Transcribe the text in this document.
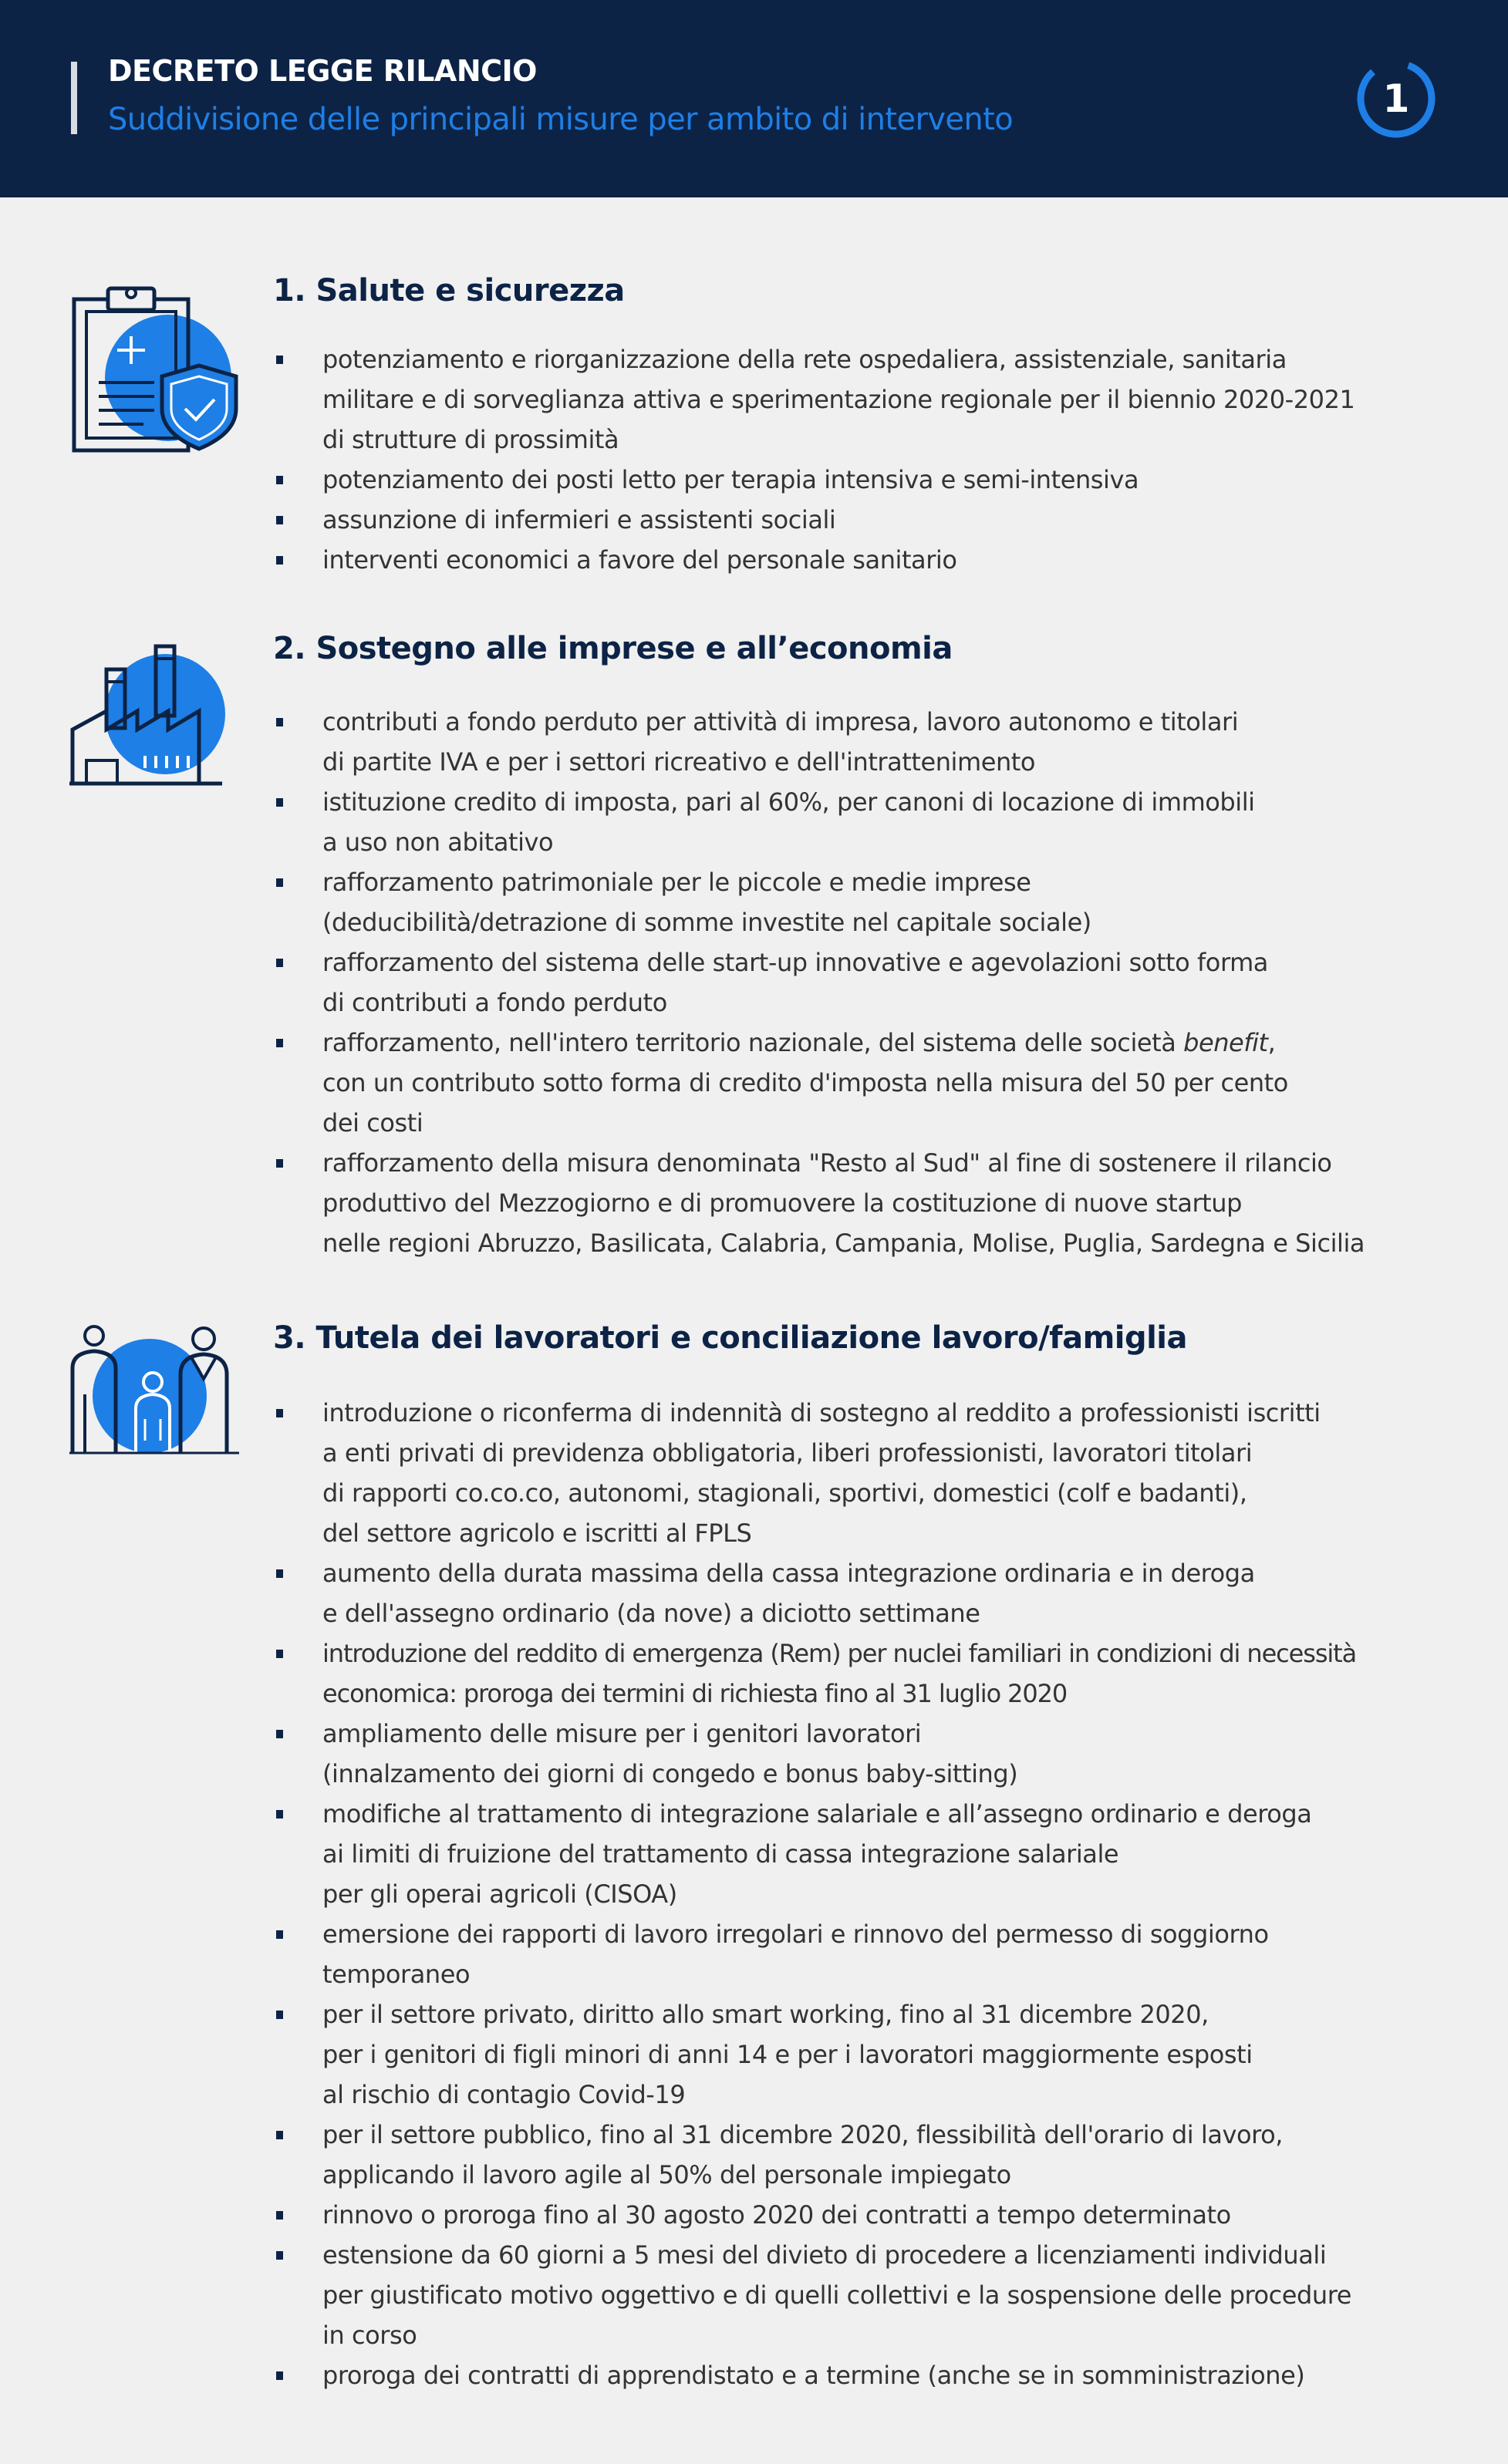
DECRETO LEGGE RILANCIO
Suddivisione delle principali misure per ambito di intervento	1
1. Salute e sicurezza
potenziamento e riorganizzazione della rete ospedaliera, assistenziale, sanitaria
militare e di sorveglianza attiva e sperimentazione regionale per il biennio 2020-2021
di strutture di prossimità
potenziamento dei posti letto per terapia intensiva e semi-intensiva
assunzione di infermieri e assistenti sociali
interventi economici a favore del personale sanitario
2. Sostegno alle imprese e all’economia
contributi a fondo perduto per attività di impresa, lavoro autonomo e titolari
di partite IVA e per i settori ricreativo e dell'intrattenimento
istituzione credito di imposta, pari al 60%, per canoni di locazione di immobili
a uso non abitativo
rafforzamento patrimoniale per le piccole e medie imprese
(deducibilità/detrazione di somme investite nel capitale sociale)
rafforzamento del sistema delle start-up innovative e agevolazioni sotto forma
di contributi a fondo perduto
rafforzamento, nell'intero territorio nazionale, del sistema delle società benefit,
con un contributo sotto forma di credito d'imposta nella misura del 50 per cento
dei costi
rafforzamento della misura denominata "Resto al Sud" al fine di sostenere il rilancio
produttivo del Mezzogiorno e di promuovere la costituzione di nuove startup
nelle regioni Abruzzo, Basilicata, Calabria, Campania, Molise, Puglia, Sardegna e Sicilia
3. Tutela dei lavoratori e conciliazione lavoro/famiglia
introduzione o riconferma di indennità di sostegno al reddito a professionisti iscritti
a enti privati di previdenza obbligatoria, liberi professionisti, lavoratori titolari
di rapporti co.co.co, autonomi, stagionali, sportivi, domestici (colf e badanti),
del settore agricolo e iscritti al FPLS
aumento della durata massima della cassa integrazione ordinaria e in deroga
e dell'assegno ordinario (da nove) a diciotto settimane
introduzione del reddito di emergenza (Rem) per nuclei familiari in condizioni di necessità
economica: proroga dei termini di richiesta fino al 31 luglio 2020
ampliamento delle misure per i genitori lavoratori
(innalzamento dei giorni di congedo e bonus baby-sitting)
modifiche al trattamento di integrazione salariale e all’assegno ordinario e deroga
ai limiti di fruizione del trattamento di cassa integrazione salariale
per gli operai agricoli (CISOA)
emersione dei rapporti di lavoro irregolari e rinnovo del permesso di soggiorno
temporaneo
per il settore privato, diritto allo smart working, fino al 31 dicembre 2020,
per i genitori di figli minori di anni 14 e per i lavoratori maggiormente esposti
al rischio di contagio Covid-19
per il settore pubblico, fino al 31 dicembre 2020, flessibilità dell'orario di lavoro,
applicando il lavoro agile al 50% del personale impiegato
rinnovo o proroga fino al 30 agosto 2020 dei contratti a tempo determinato
estensione da 60 giorni a 5 mesi del divieto di procedere a licenziamenti individuali
per giustificato motivo oggettivo e di quelli collettivi e la sospensione delle procedure
in corso
proroga dei contratti di apprendistato e a termine (anche se in somministrazione)
